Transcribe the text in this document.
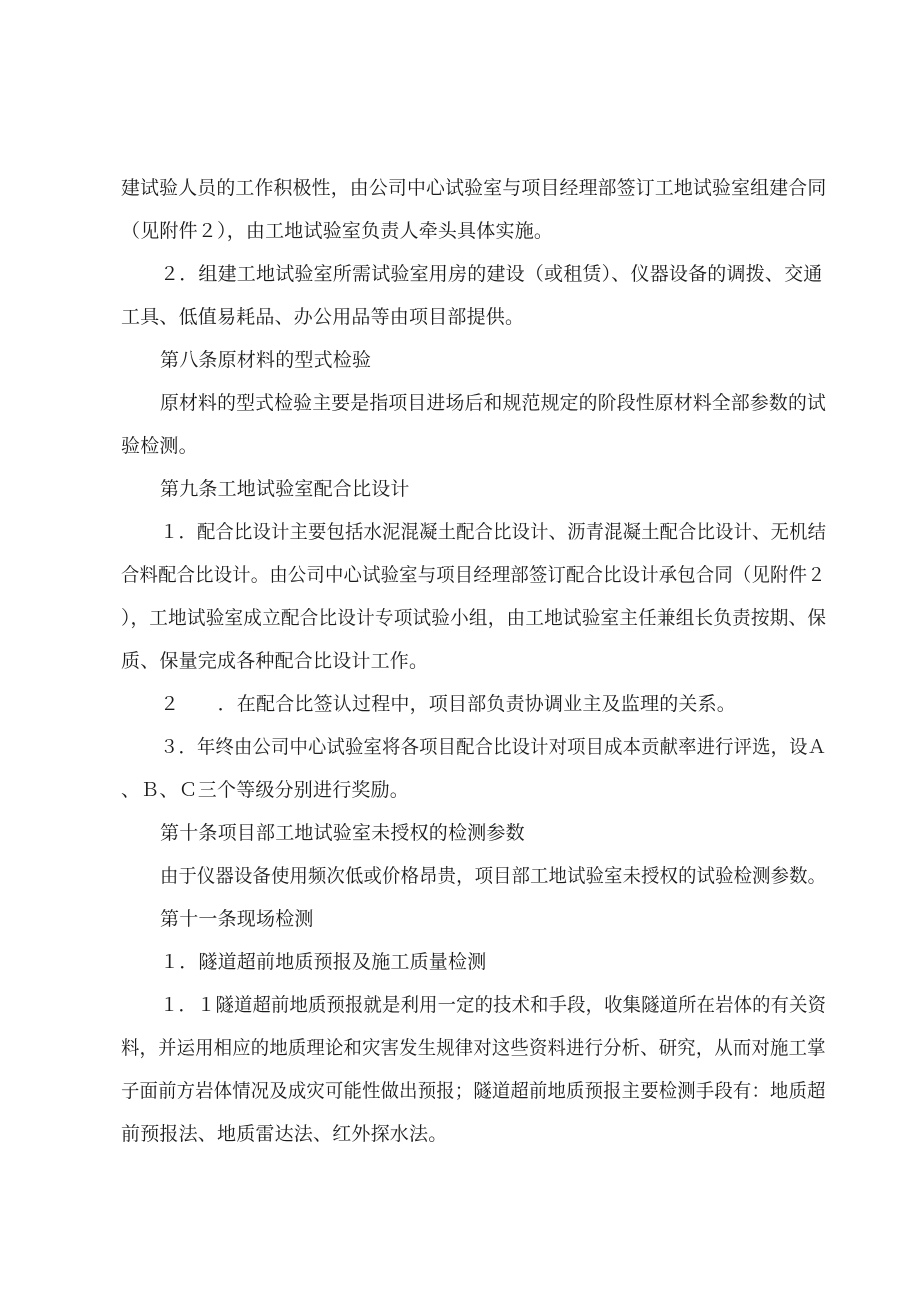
建试验人员的工作积极性，由公司中心试验室与项目经理部签订工地试验室组建合同
（见附件２），由工地试验室负责人牵头具体实施。
２．组建工地试验室所需试验室用房的建设（或租赁）、仪器设备的调拨、交通
工具、低值易耗品、办公用品等由项目部提供。
第八条原材料的型式检验
原材料的型式检验主要是指项目进场后和规范规定的阶段性原材料全部参数的试
验检测。
第九条工地试验室配合比设计
１．配合比设计主要包括水泥混凝土配合比设计、沥青混凝土配合比设计、无机结
合料配合比设计。由公司中心试验室与项目经理部签订配合比设计承包合同（见附件２
），工地试验室成立配合比设计专项试验小组，由工地试验室主任兼组长负责按期、保
质、保量完成各种配合比设计工作。
２　　．在配合比签认过程中，项目部负责协调业主及监理的关系。
３．年终由公司中心试验室将各项目配合比设计对项目成本贡献率进行评选，设Ａ
、Ｂ、Ｃ三个等级分别进行奖励。
第十条项目部工地试验室未授权的检测参数
由于仪器设备使用频次低或价格昂贵，项目部工地试验室未授权的试验检测参数。
第十一条现场检测
１．隧道超前地质预报及施工质量检测
１．１隧道超前地质预报就是利用一定的技术和手段，收集隧道所在岩体的有关资
料，并运用相应的地质理论和灾害发生规律对这些资料进行分析、研究，从而对施工掌
子面前方岩体情况及成灾可能性做出预报；隧道超前地质预报主要检测手段有：地质超
前预报法、地质雷达法、红外探水法。
